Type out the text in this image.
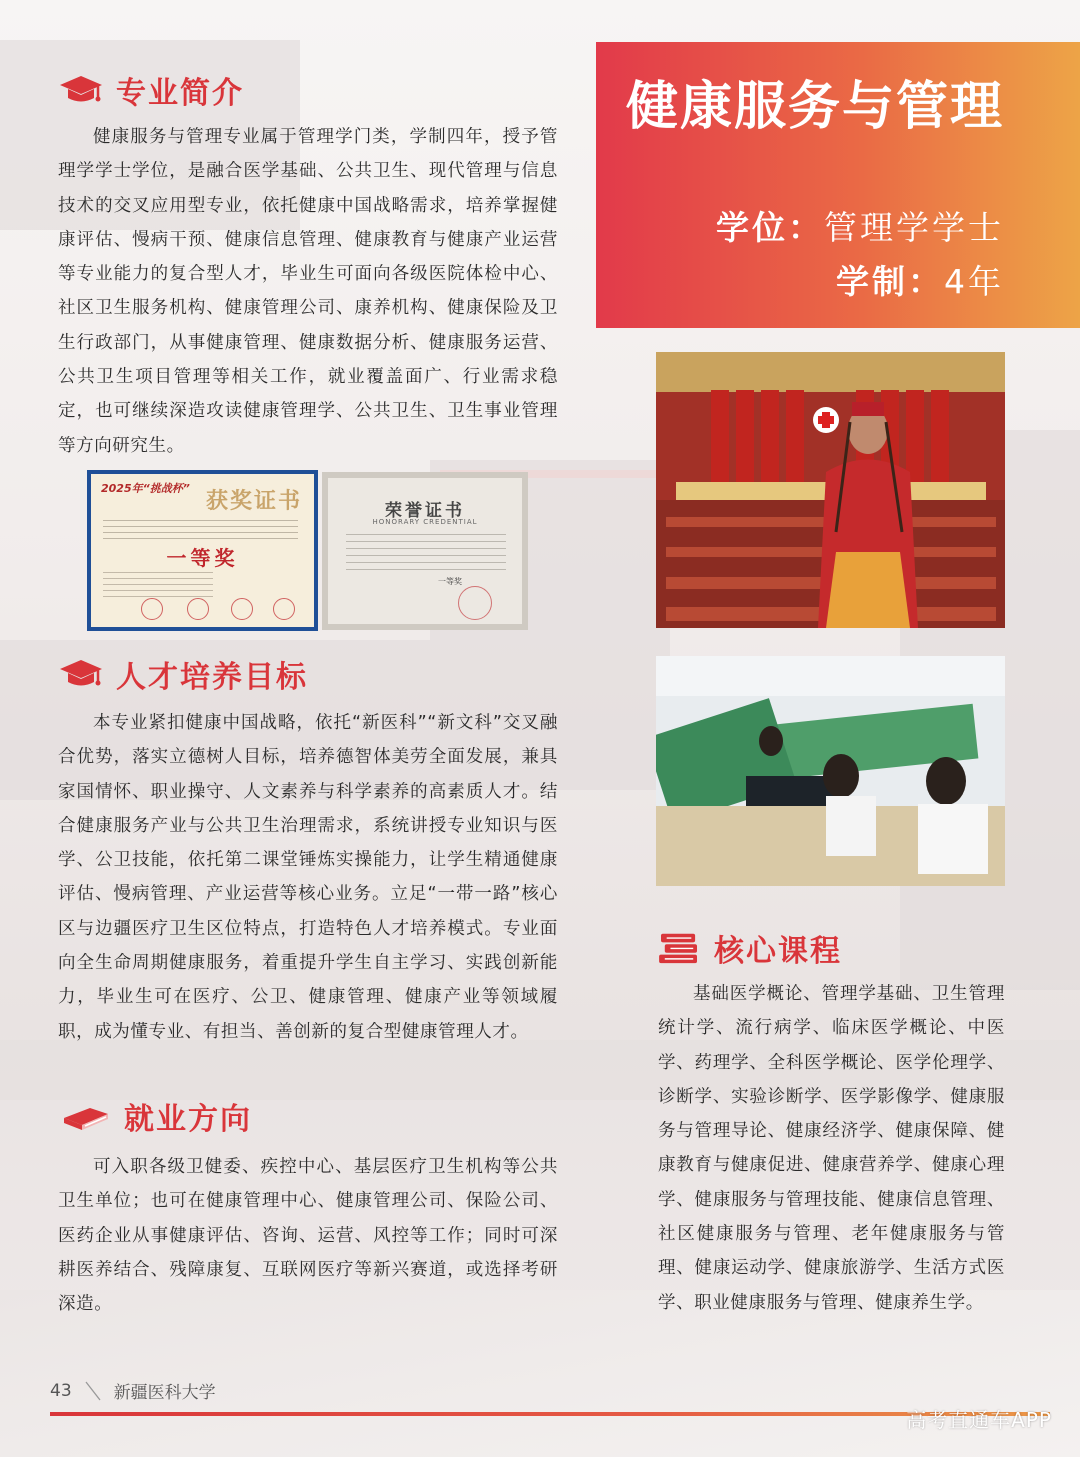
健康服务与管理
学位：管理学学士
学制：4年
专业简介
健康服务与管理专业属于管理学门类，学制四年，授予管理学学士学位，是融合医学基础、公共卫生、现代管理与信息技术的交叉应用型专业，依托健康中国战略需求，培养掌握健康评估、慢病干预、健康信息管理、健康教育与健康产业运营等专业能力的复合型人才，毕业生可面向各级医院体检中心、社区卫生服务机构、健康管理公司、康养机构、健康保险及卫生行政部门，从事健康管理、健康数据分析、健康服务运营、公共卫生项目管理等相关工作，就业覆盖面广、行业需求稳定，也可继续深造攻读健康管理学、公共卫生、卫生事业管理等方向研究生。
2025年“挑战杯”
获奖证书
一等奖
荣誉证书
HONORARY CREDENTIAL
一等奖
人才培养目标
本专业紧扣健康中国战略，依托“新医科”“新文科”交叉融合优势，落实立德树人目标，培养德智体美劳全面发展，兼具家国情怀、职业操守、人文素养与科学素养的高素质人才。结合健康服务产业与公共卫生治理需求，系统讲授专业知识与医学、公卫技能，依托第二课堂锤炼实操能力，让学生精通健康评估、慢病管理、产业运营等核心业务。立足“一带一路”核心区与边疆医疗卫生区位特点，打造特色人才培养模式。专业面向全生命周期健康服务，着重提升学生自主学习、实践创新能力，毕业生可在医疗、公卫、健康管理、健康产业等领域履职，成为懂专业、有担当、善创新的复合型健康管理人才。
就业方向
可入职各级卫健委、疾控中心、基层医疗卫生机构等公共卫生单位；也可在健康管理中心、健康管理公司、保险公司、医药企业从事健康评估、咨询、运营、风控等工作；同时可深耕医养结合、残障康复、互联网医疗等新兴赛道，或选择考研深造。
核心课程
基础医学概论、管理学基础、卫生管理统计学、流行病学、临床医学概论、中医学、药理学、全科医学概论、医学伦理学、诊断学、实验诊断学、医学影像学、健康服务与管理导论、健康经济学、健康保障、健康教育与健康促进、健康营养学、健康心理学、健康服务与管理技能、健康信息管理、社区健康服务与管理、老年健康服务与管理、健康运动学、健康旅游学、生活方式医学、职业健康服务与管理、健康养生学。
43 新疆医科大学
高考直通车APP
